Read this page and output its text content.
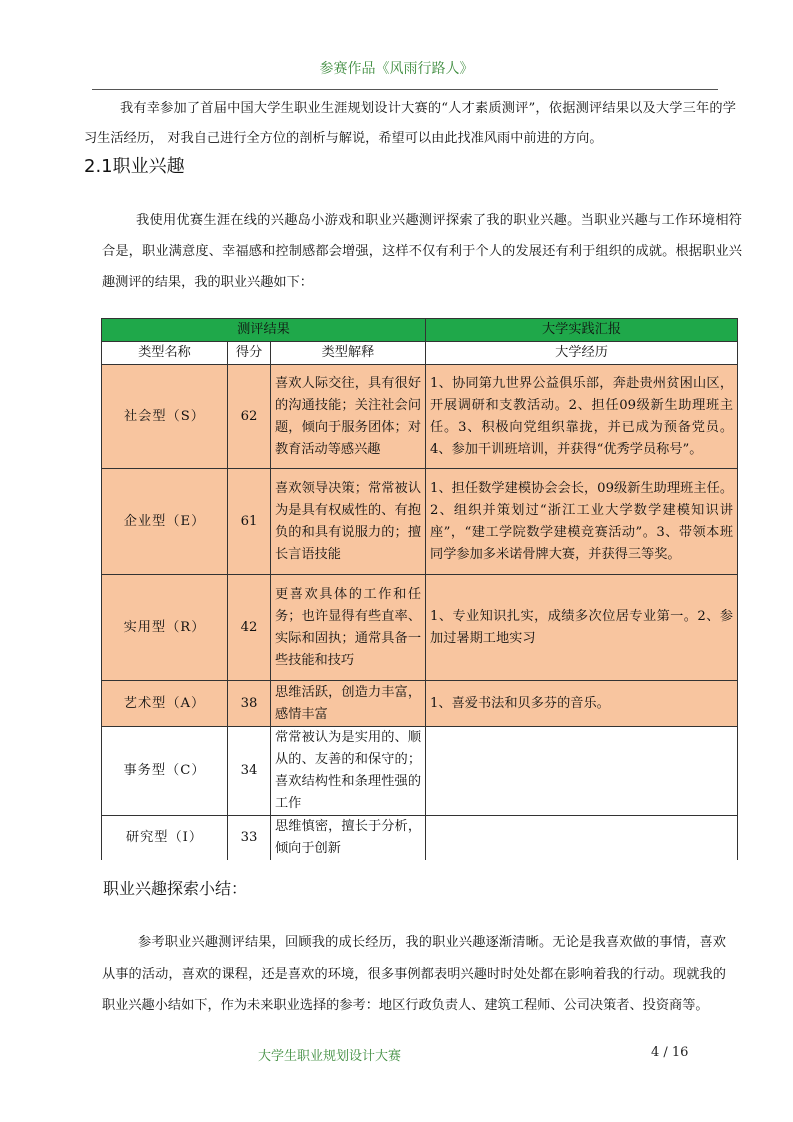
参赛作品《风雨行路人》
我有幸参加了首届中国大学生职业生涯规划设计大赛的“人才素质测评”，依据测评结果以及大学三年的学习生活经历， 对我自己进行全方位的剖析与解说，希望可以由此找准风雨中前进的方向。
2.1职业兴趣
我使用优赛生涯在线的兴趣岛小游戏和职业兴趣测评探索了我的职业兴趣。当职业兴趣与工作环境相符合是，职业满意度、幸福感和控制感都会增强，这样不仅有利于个人的发展还有利于组织的成就。根据职业兴趣测评的结果，我的职业兴趣如下：
测评结果			大学实践汇报
类型名称	得分	类型解释	大学经历
社会型（S）	62	喜欢人际交往，具有很好的沟通技能；关注社会问题，倾向于服务团体；对教育活动等感兴趣	1、协同第九世界公益俱乐部，奔赴贵州贫困山区，开展调研和支教活动。2、担任09级新生助理班主任。3、积极向党组织靠拢，并已成为预备党员。4、参加干训班培训，并获得“优秀学员称号”。
企业型（E）	61	喜欢领导决策；常常被认为是具有权威性的、有抱负的和具有说服力的；擅长言语技能	1、担任数学建模协会会长，09级新生助理班主任。2、组织并策划过“浙江工业大学数学建模知识讲座”，“建工学院数学建模竞赛活动”。3、带领本班同学参加多米诺骨牌大赛，并获得三等奖。
实用型（R）	42	更喜欢具体的工作和任务；也许显得有些直率、实际和固执；通常具备一些技能和技巧	1、专业知识扎实，成绩多次位居专业第一。2、参加过暑期工地实习
艺术型（A）	38	思维活跃，创造力丰富，感情丰富	1、喜爱书法和贝多芬的音乐。
事务型（C）	34	常常被认为是实用的、顺从的、友善的和保守的；喜欢结构性和条理性强的工作	
研究型（I）	33	思维慎密，擅长于分析，倾向于创新	
职业兴趣探索小结：
参考职业兴趣测评结果，回顾我的成长经历，我的职业兴趣逐渐清晰。无论是我喜欢做的事情，喜欢从事的活动，喜欢的课程，还是喜欢的环境，很多事例都表明兴趣时时处处都在影响着我的行动。现就我的职业兴趣小结如下，作为未来职业选择的参考：地区行政负责人、建筑工程师、公司决策者、投资商等。
大学生职业规划设计大赛	4 / 16
